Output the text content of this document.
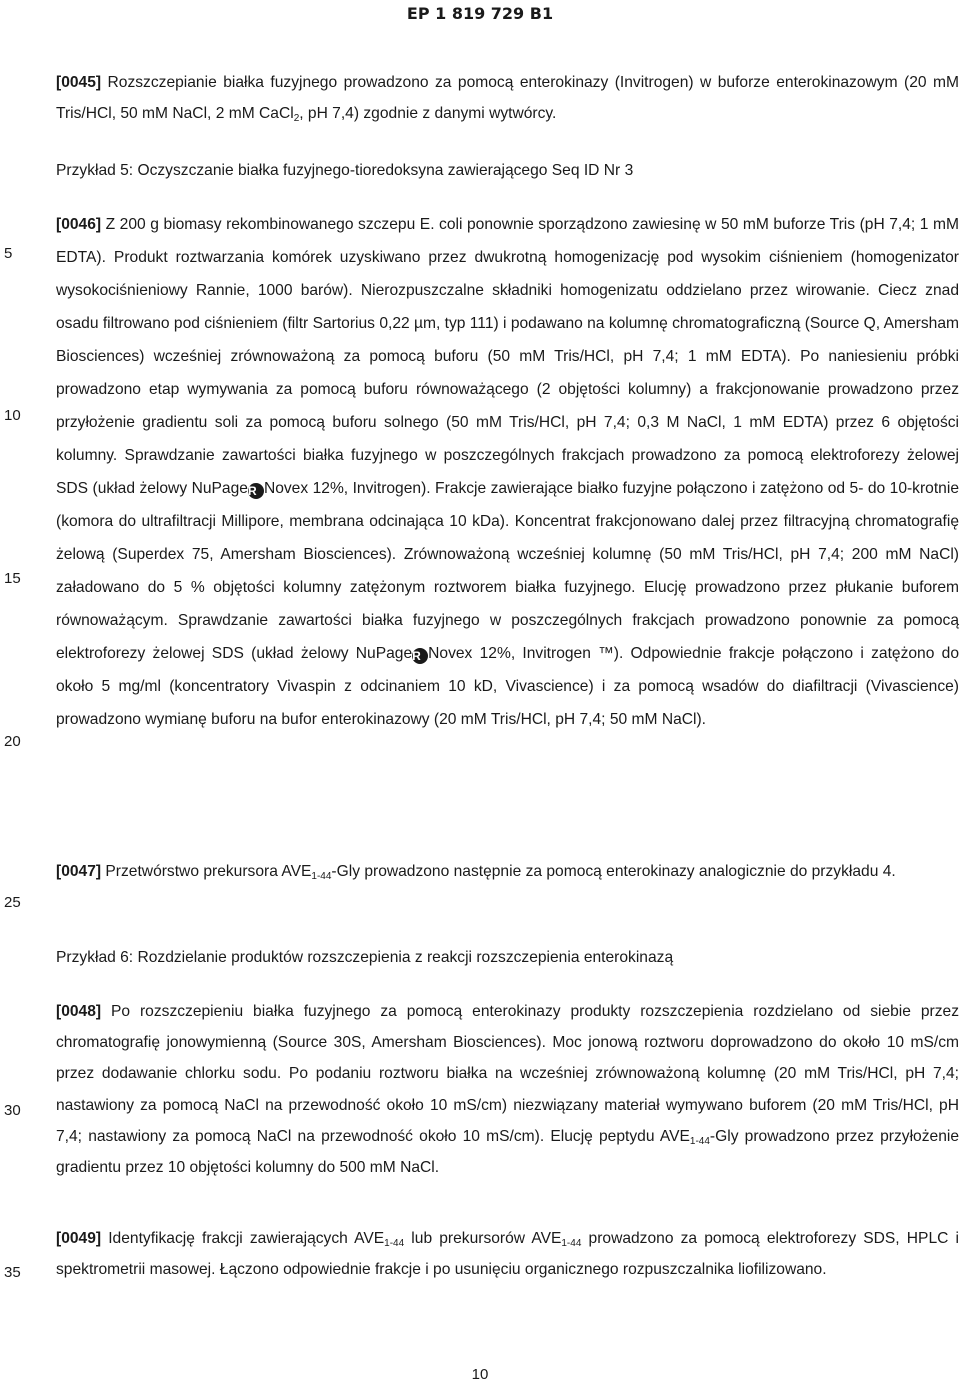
EP 1 819 729 B1
5
10
15
20
25
30
35

[0045] Rozszczepianie białka fuzyjnego prowadzono za pomocą enterokinazy (Invitrogen) w buforze enterokinazowym (20 mM Tris/HCl, 50 mM NaCl, 2 mM CaCl$_2$, pH 7,4) zgodnie z danymi wytwórcy.

Przykład 5: Oczyszczanie białka fuzyjnego-tioredoksyna zawierającego Seq ID Nr 3

[0046] Z 200 g biomasy rekombinowanego szczepu E. coli ponownie sporządzono zawiesinę w 50 mM buforze Tris (pH 7,4; 1 mM EDTA). Produkt roztwarzania komórek uzyskiwano przez dwukrotną homogenizację pod wysokim ciśnieniem (homogenizator wysokociśnieniowy Rannie, 1000 barów). Nierozpuszczalne składniki homogenizatu oddzielano przez wirowanie. Ciecz znad osadu filtrowano pod ciśnieniem (filtr Sartorius 0,22 µm, typ 111) i podawano na kolumnę chromatograficzną (Source Q, Amersham Biosciences) wcześniej zrównoważoną za pomocą buforu (50 mM Tris/HCl, pH 7,4; 1 mM EDTA). Po naniesieniu próbki prowadzono etap wymywania za pomocą buforu równoważącego (2 objętości kolumny) a frakcjonowanie prowadzono przez przyłożenie gradientu soli za pomocą buforu solnego (50 mM Tris/HCl, pH 7,4; 0,3 M NaCl, 1 mM EDTA) przez 6 objętości kolumny. Sprawdzanie zawartości białka fuzyjnego w poszczególnych frakcjach prowadzono za pomocą elektroforezy żelowej SDS (układ żelowy NuPageR Novex 12%, Invitrogen). Frakcje zawierające białko fuzyjne połączono i zatężono od 5- do 10-krotnie (komora do ultrafiltracji Millipore, membrana odcinająca 10 kDa). Koncentrat frakcjonowano dalej przez filtracyjną chromatografię żelową (Superdex 75, Amersham Biosciences). Zrównoważoną wcześniej kolumnę (50 mM Tris/HCl, pH 7,4; 200 mM NaCl) załadowano do 5 % objętości kolumny zatężonym roztworem białka fuzyjnego. Elucję prowadzono przez płukanie buforem równoważącym. Sprawdzanie zawartości białka fuzyjnego w poszczególnych frakcjach prowadzono ponownie za pomocą elektroforezy żelowej SDS (układ żelowy NuPageR Novex 12%, Invitrogen ™). Odpowiednie frakcje połączono i zatężono do około 5 mg/ml (koncentratory Vivaspin z odcinaniem 10 kD, Vivascience) i za pomocą wsadów do diafiltracji (Vivascience) prowadzono wymianę buforu na bufor enterokinazowy (20 mM Tris/HCl, pH 7,4; 50 mM NaCl).

[0047] Przetwórstwo prekursora $AVE_{1-44}$-Gly prowadzono następnie za pomocą enterokinazy analogicznie do przykładu 4.

Przykład 6: Rozdzielanie produktów rozszczepienia z reakcji rozszczepienia enterokinazą

[0048] Po rozszczepieniu białka fuzyjnego za pomocą enterokinazy produkty rozszczepienia rozdzielano od siebie przez chromatografię jonowymienną (Source 30S, Amersham Biosciences). Moc jonową roztworu doprowadzono do około 10 mS/cm przez dodawanie chlorku sodu. Po podaniu roztworu białka na wcześniej zrównoważoną kolumnę (20 mM Tris/HCl, pH 7,4; nastawiony za pomocą NaCl na przewodność około 10 mS/cm) niezwiązany materiał wymywano buforem (20 mM Tris/HCl, pH 7,4; nastawiony za pomocą NaCl na przewodność około 10 mS/cm). Elucję peptydu $AVE_{1-44}$-Gly prowadzono przez przyłożenie gradientu przez 10 objętości kolumny do 500 mM NaCl.

[0049] Identyfikację frakcji zawierających $AVE_{1-44}$ lub prekursorów $AVE_{1-44}$ prowadzono za pomocą elektroforezy SDS, HPLC i spektrometrii masowej. Łączono odpowiednie frakcje i po usunięciu organicznego rozpuszczalnika liofilizowano.

10
